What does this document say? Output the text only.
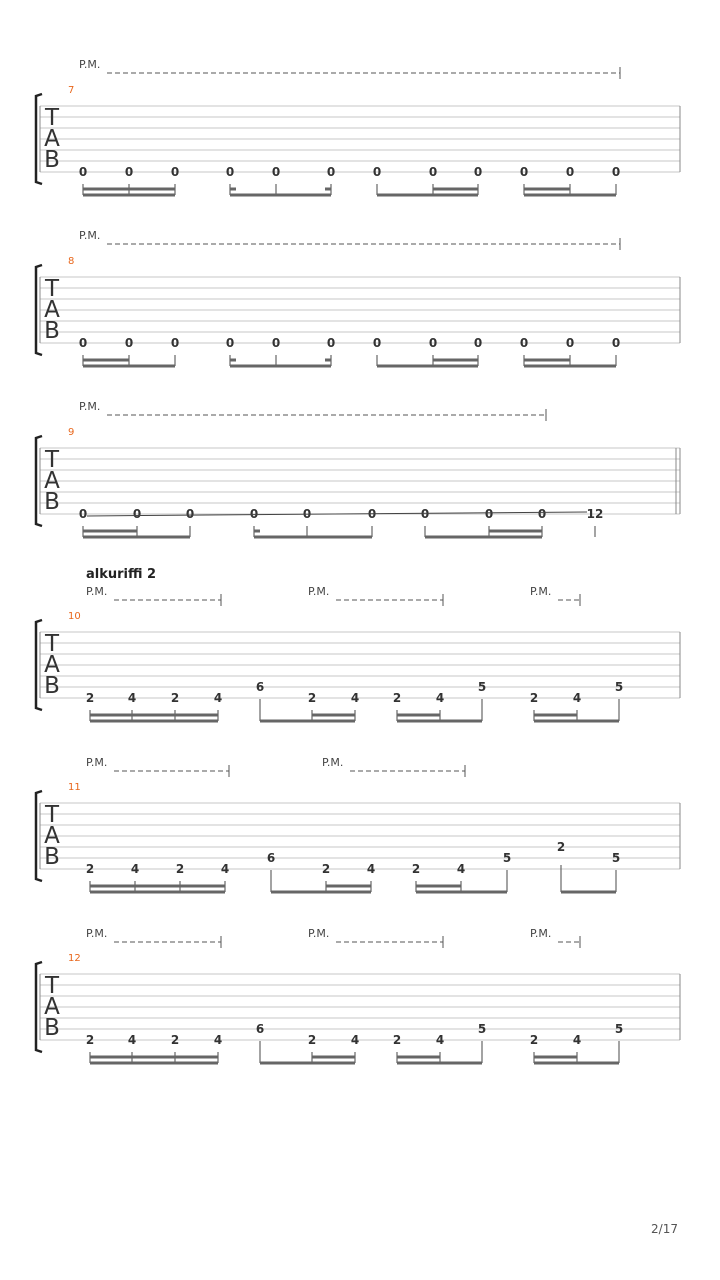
P.M.
7
T
A
B 0	0	0	0	0	0	0	0	0	0	0	0
P.M.
8
T
A
B 0	0	0	0	0	0	0	0	0	0	0	0
P.M.
9
T
A
B 0	0	0	0	0	0	0	12
P.M.	P.M.	P.M.
10
T
A
B 2	4	2	4
6
2	4	2	4
5
2	4
5
P.M.	P.M.
11
T
A
B 2	4	2	4
6
2	4	2	4
5
2
5
P.M.	P.M.	P.M.
12
T
A
B 2	4	2	4
6
2	4	2	4
5
2	4
5
alkuriffi 2
2/17
